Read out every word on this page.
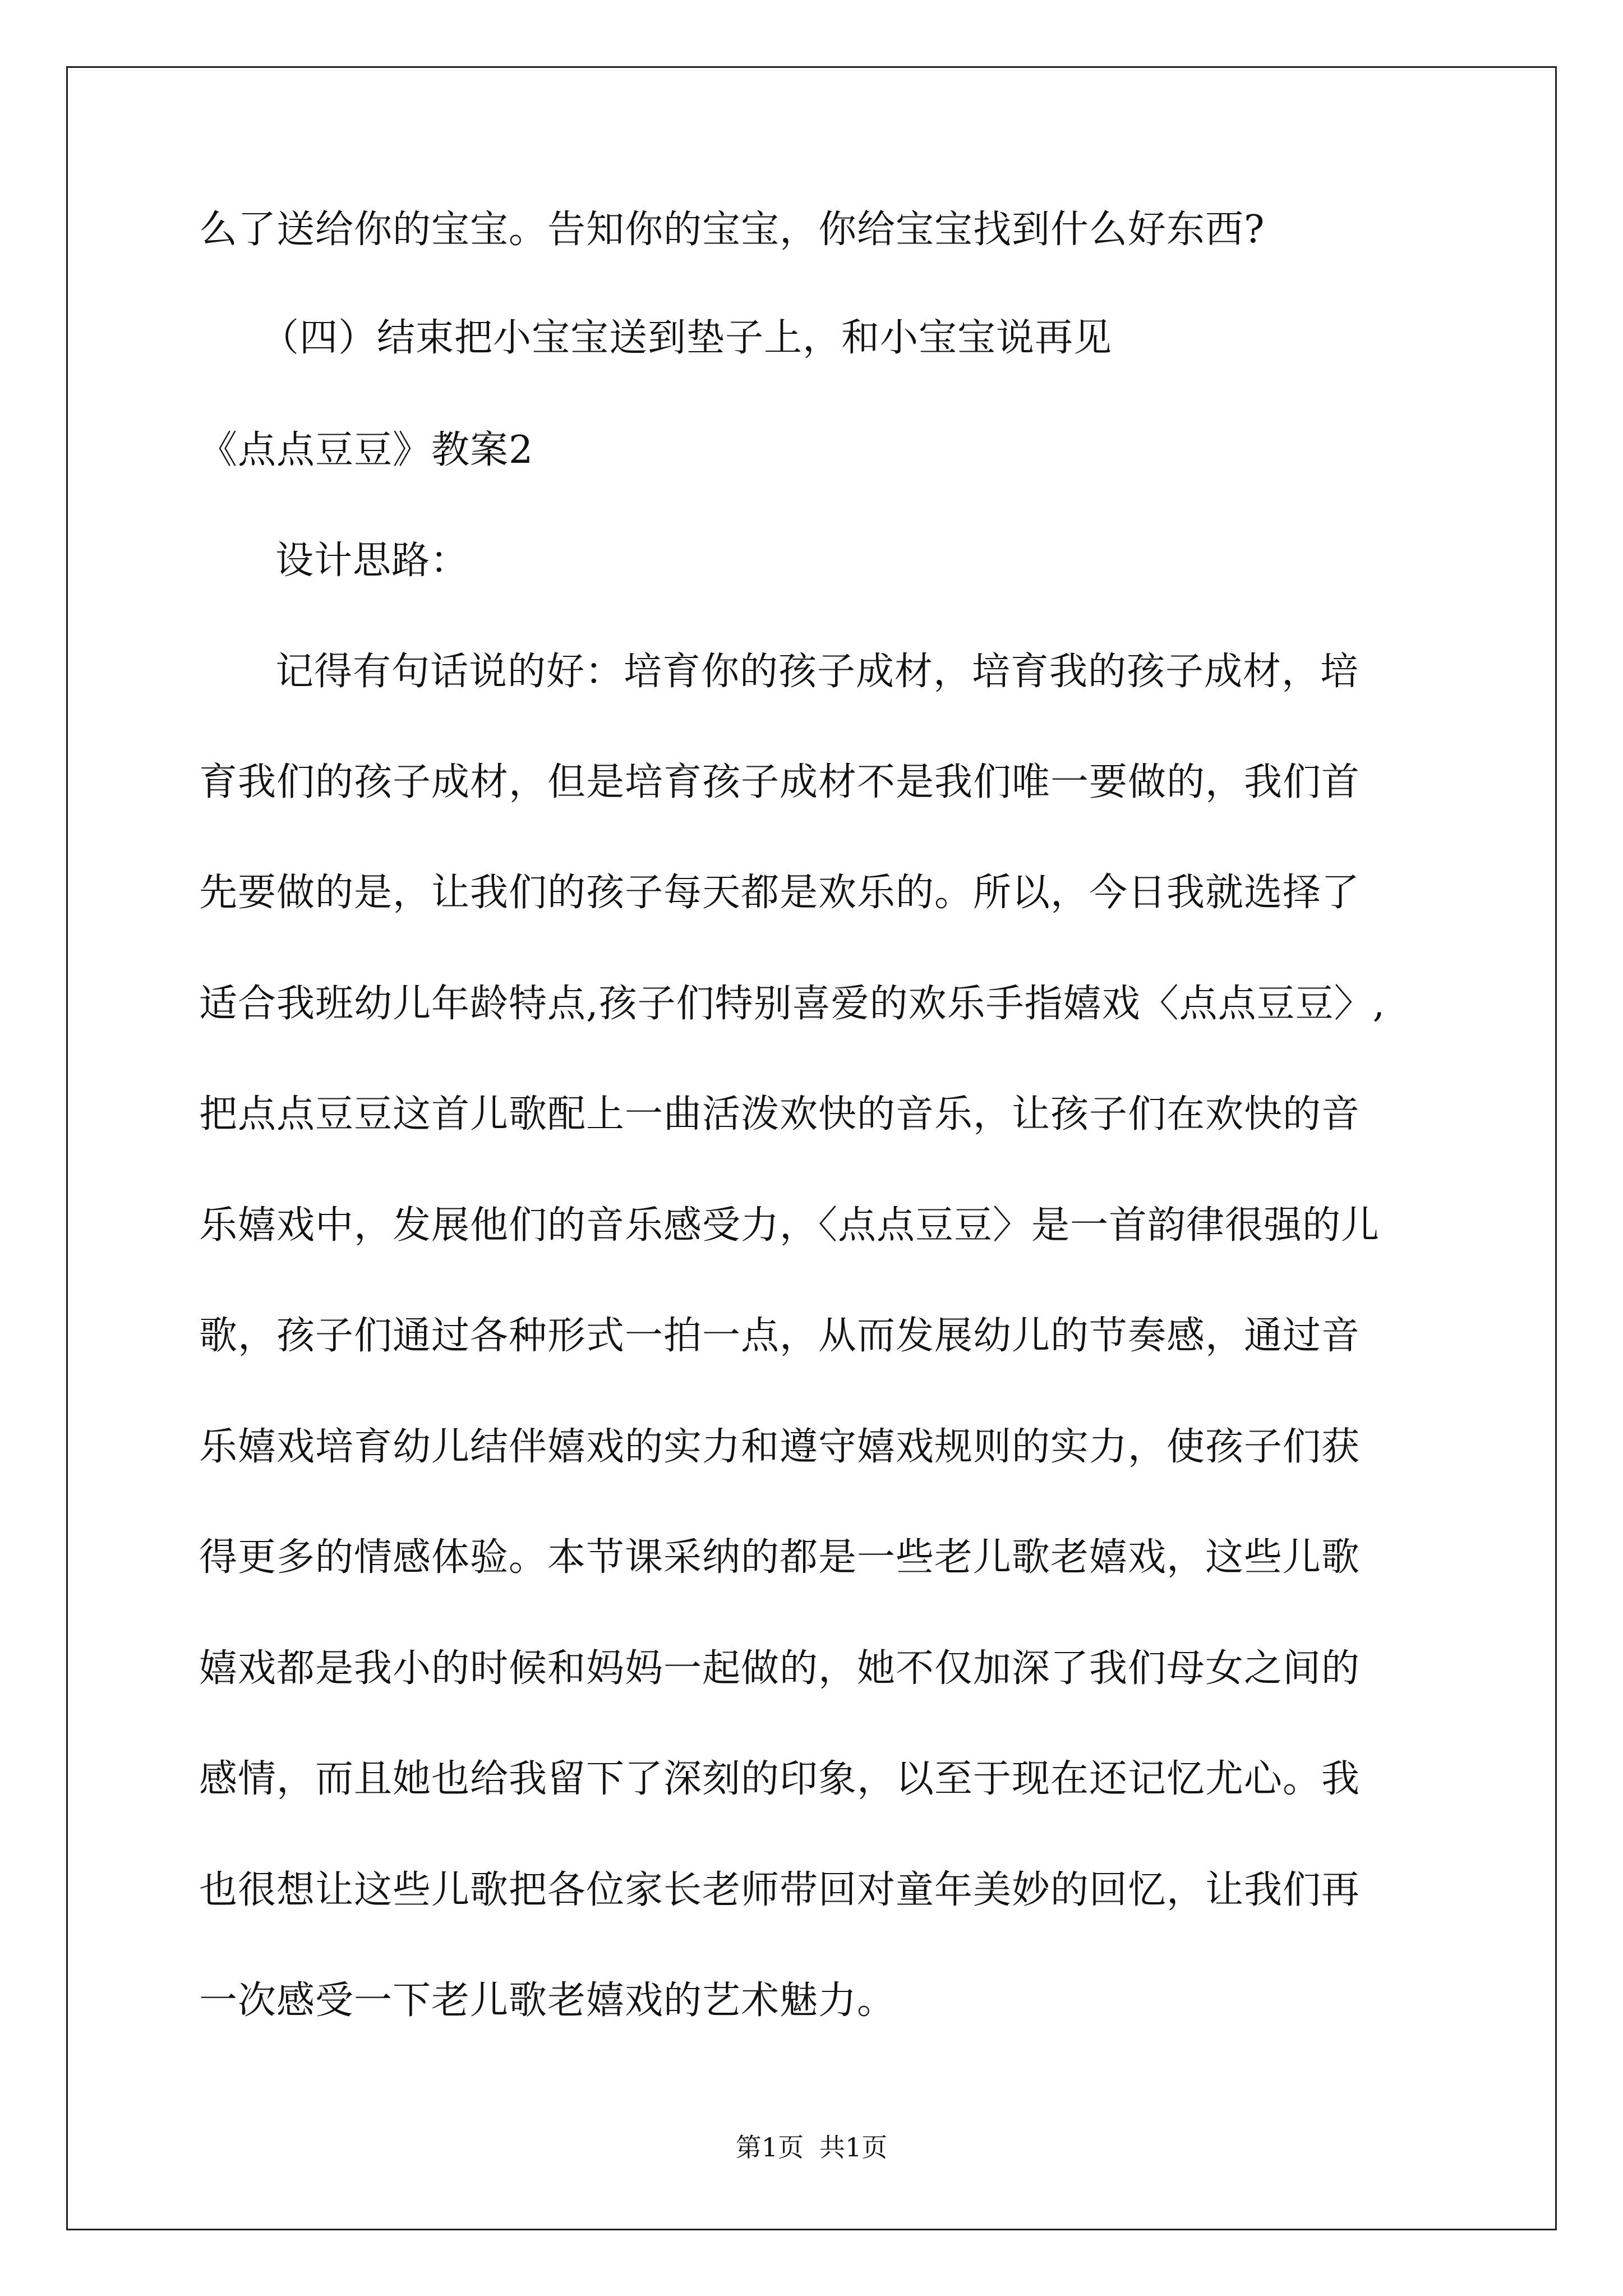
么了送给你的宝宝。告知你的宝宝，你给宝宝找到什么好东西?
（四）结束把小宝宝送到垫子上，和小宝宝说再见
《点点豆豆》教案2
设计思路：
记得有句话说的好：培育你的孩子成材，培育我的孩子成材，培
育我们的孩子成材，但是培育孩子成材不是我们唯一要做的，我们首
先要做的是，让我们的孩子每天都是欢乐的。所以，今日我就选择了
适合我班幼儿年龄特点,孩子们特别喜爱的欢乐手指嬉戏〈点点豆豆〉,
把点点豆豆这首儿歌配上一曲活泼欢快的音乐，让孩子们在欢快的音
乐嬉戏中，发展他们的音乐感受力，〈点点豆豆〉是一首韵律很强的儿
歌，孩子们通过各种形式一拍一点，从而发展幼儿的节奏感，通过音
乐嬉戏培育幼儿结伴嬉戏的实力和遵守嬉戏规则的实力，使孩子们获
得更多的情感体验。本节课采纳的都是一些老儿歌老嬉戏，这些儿歌
嬉戏都是我小的时候和妈妈一起做的，她不仅加深了我们母女之间的
感情，而且她也给我留下了深刻的印象，以至于现在还记忆尤心。我
也很想让这些儿歌把各位家长老师带回对童年美妙的回忆，让我们再
一次感受一下老儿歌老嬉戏的艺术魅力。
第1页 共1页
